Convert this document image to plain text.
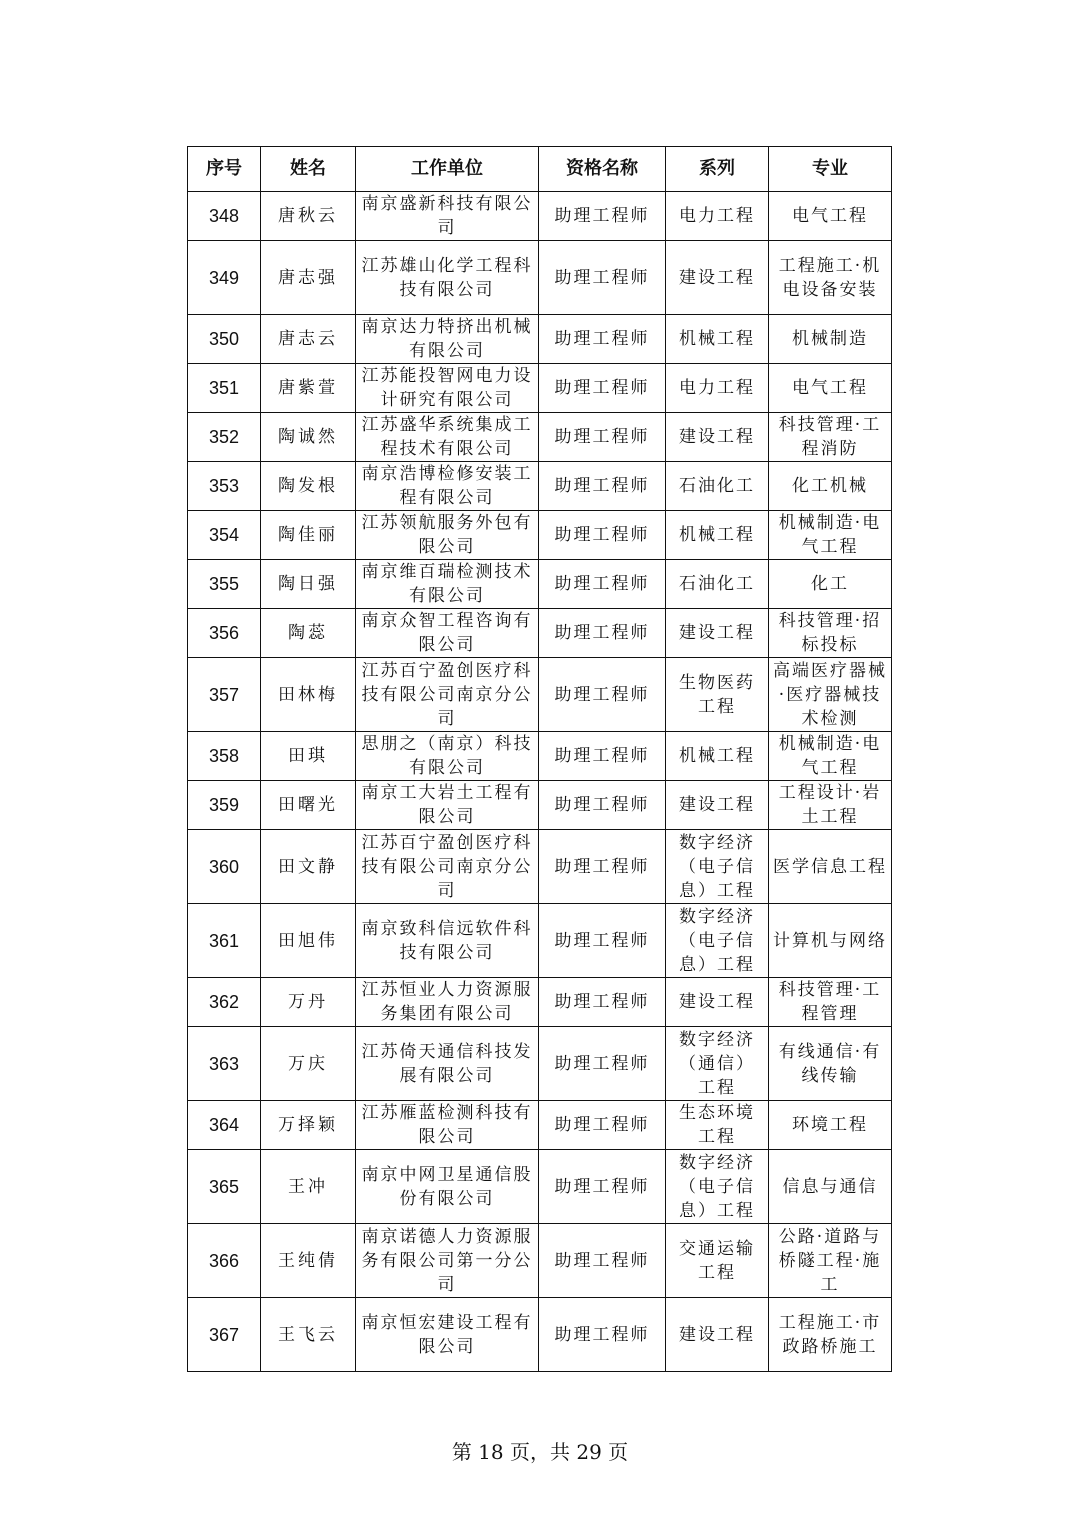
序号	姓名	工作单位	资格名称	系列	专业
348	唐秋云	南京盛新科技有限公司	助理工程师	电力工程	电气工程
349	唐志强	江苏雄山化学工程科技有限公司	助理工程师	建设工程	工程施工·机电设备安装
350	唐志云	南京达力特挤出机械有限公司	助理工程师	机械工程	机械制造
351	唐紫萱	江苏能投智网电力设计研究有限公司	助理工程师	电力工程	电气工程
352	陶诚然	江苏盛华系统集成工程技术有限公司	助理工程师	建设工程	科技管理·工程消防
353	陶发根	南京浩博检修安装工程有限公司	助理工程师	石油化工	化工机械
354	陶佳丽	江苏领航服务外包有限公司	助理工程师	机械工程	机械制造·电气工程
355	陶日强	南京维百瑞检测技术有限公司	助理工程师	石油化工	化工
356	陶蕊	南京众智工程咨询有限公司	助理工程师	建设工程	科技管理·招标投标
357	田林梅	江苏百宁盈创医疗科技有限公司南京分公司	助理工程师	生物医药工程	高端医疗器械·医疗器械技术检测
358	田琪	思朋之（南京）科技有限公司	助理工程师	机械工程	机械制造·电气工程
359	田曙光	南京工大岩土工程有限公司	助理工程师	建设工程	工程设计·岩土工程
360	田文静	江苏百宁盈创医疗科技有限公司南京分公司	助理工程师	数字经济（电子信息）工程	医学信息工程
361	田旭伟	南京致科信远软件科技有限公司	助理工程师	数字经济（电子信息）工程	计算机与网络
362	万丹	江苏恒业人力资源服务集团有限公司	助理工程师	建设工程	科技管理·工程管理
363	万庆	江苏倚天通信科技发展有限公司	助理工程师	数字经济（通信）工程	有线通信·有线传输
364	万择颖	江苏雁蓝检测科技有限公司	助理工程师	生态环境工程	环境工程
365	王冲	南京中网卫星通信股份有限公司	助理工程师	数字经济（电子信息）工程	信息与通信
366	王纯倩	南京诺德人力资源服务有限公司第一分公司	助理工程师	交通运输工程	公路·道路与桥隧工程·施工
367	王飞云	南京恒宏建设工程有限公司	助理工程师	建设工程	工程施工·市政路桥施工
第 18 页，共 29 页
